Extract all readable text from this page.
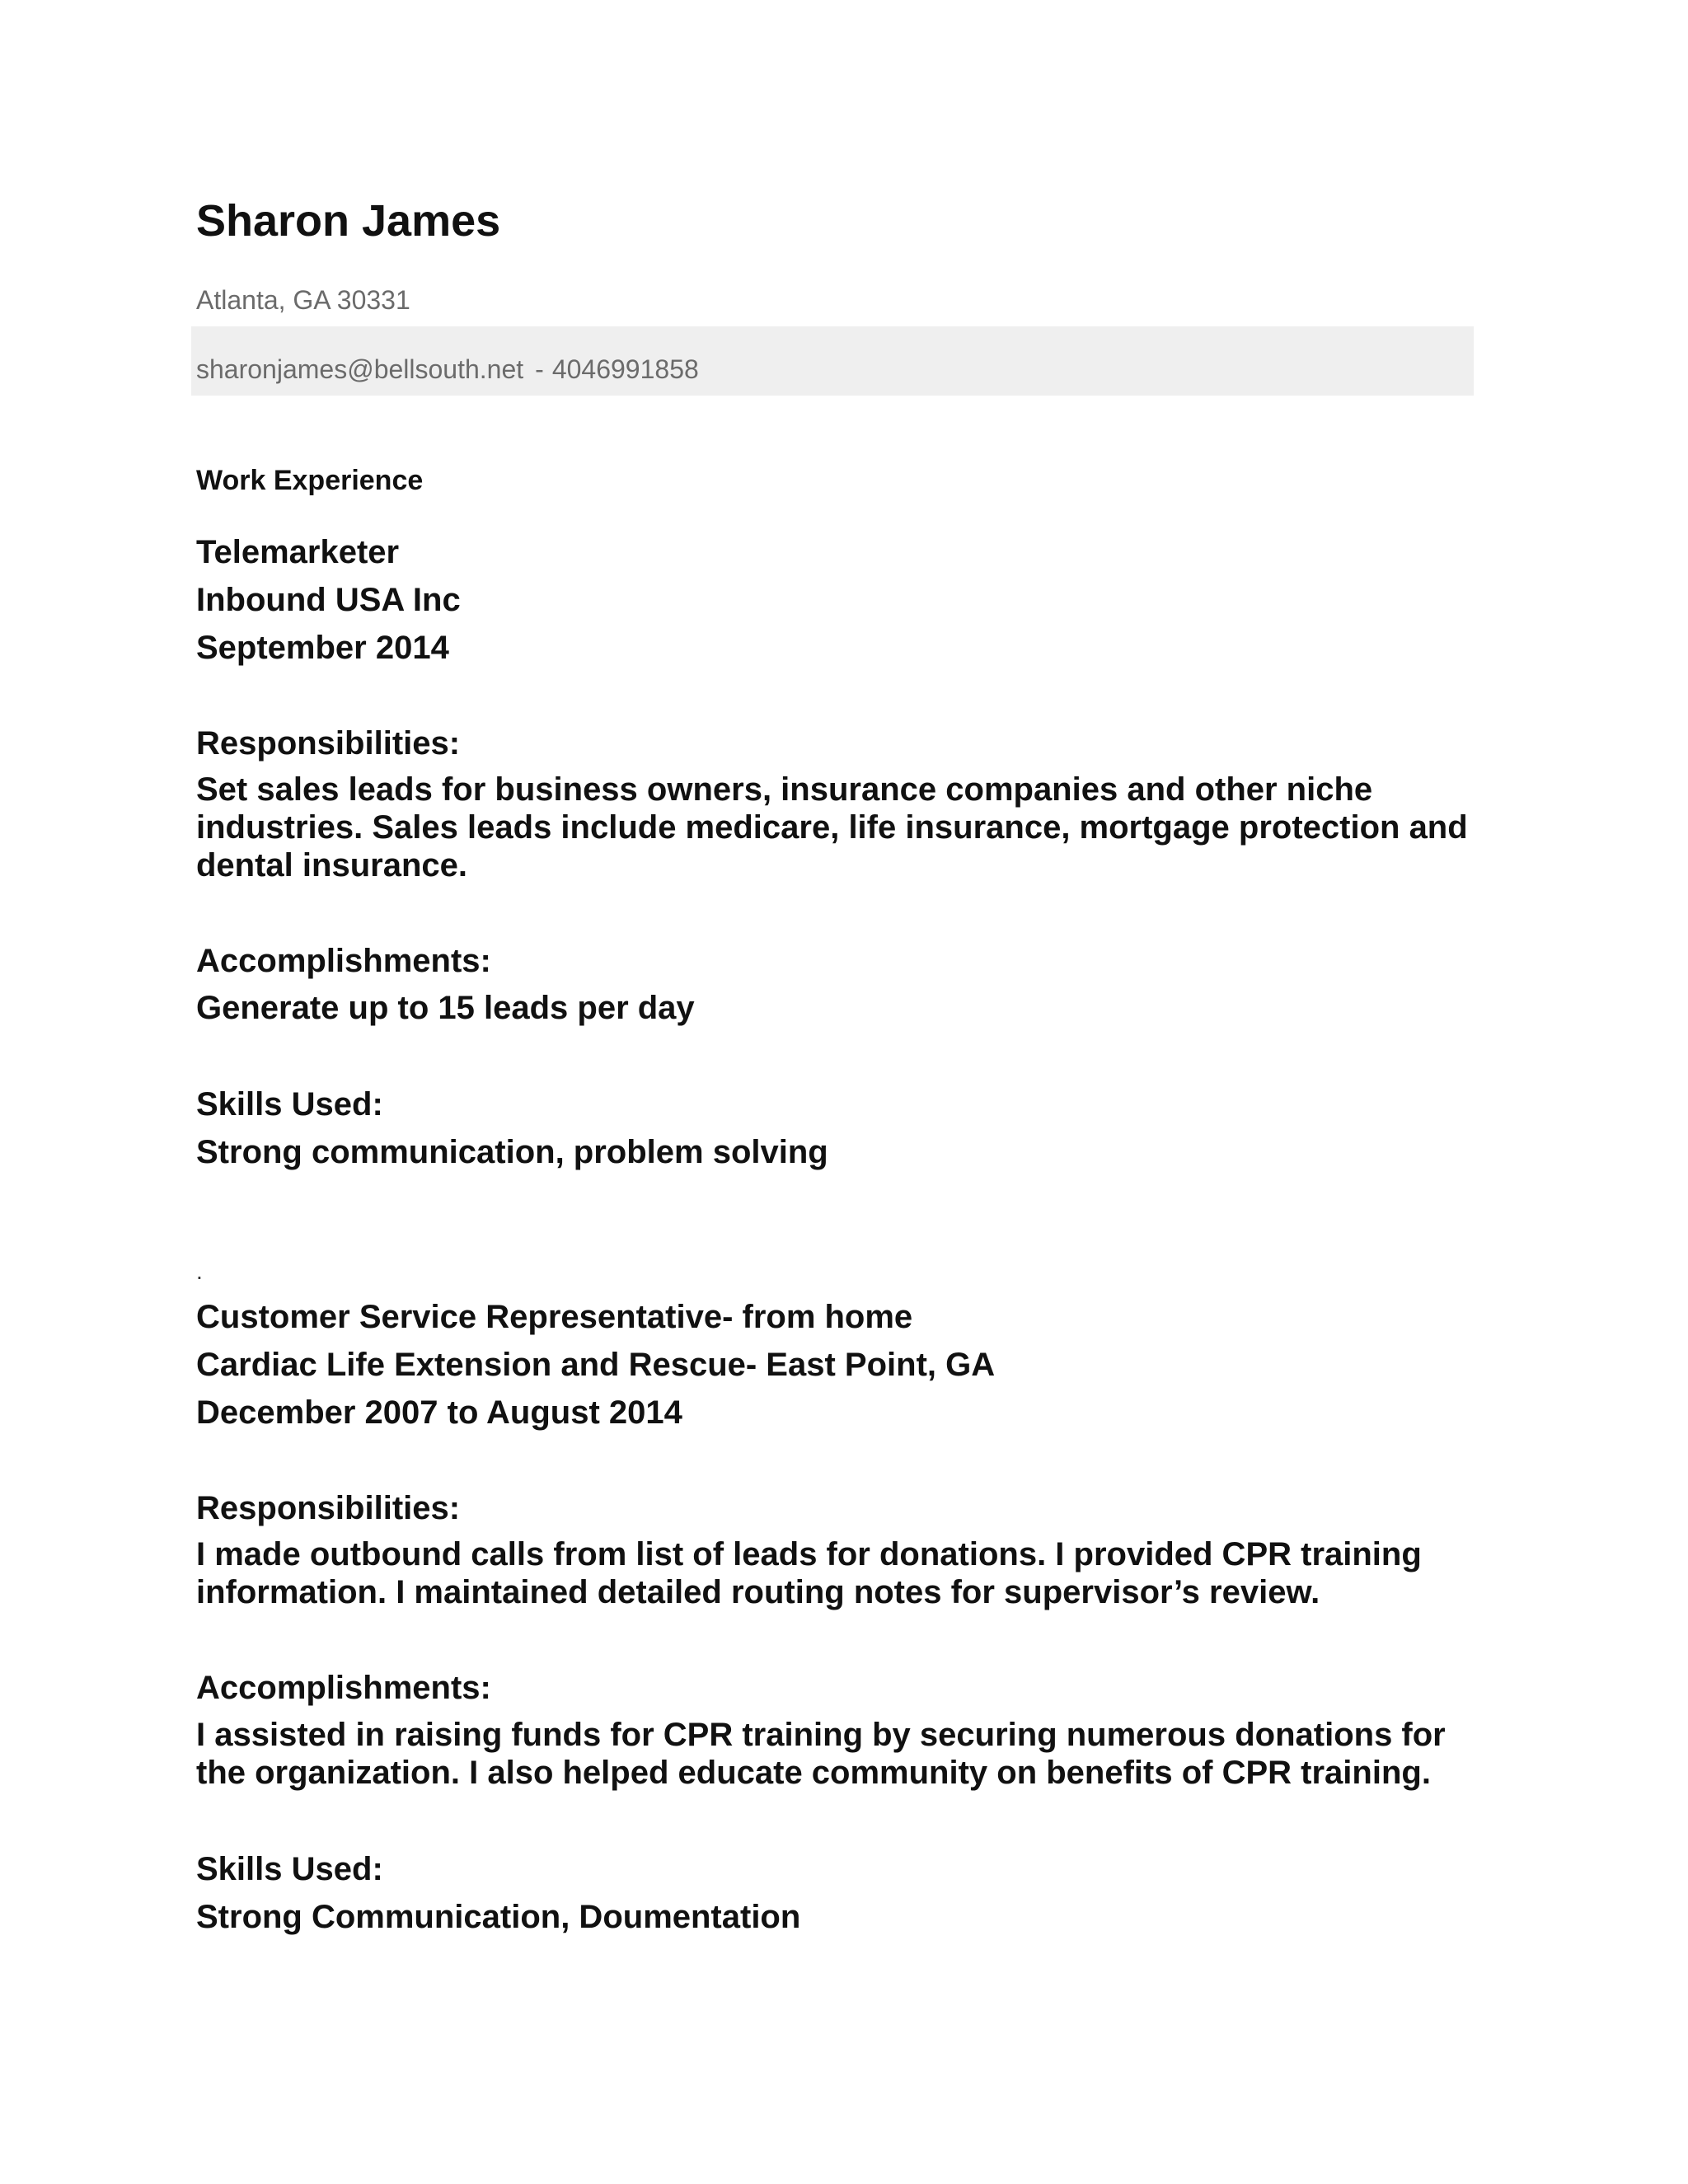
Sharon James
Atlanta, GA 30331
sharonjames@bellsouth.net - 4046991858
Work Experience
Telemarketer
Inbound USA Inc
September 2014
Responsibilities:
Set sales leads for business owners, insurance companies and other niche
industries. Sales leads include medicare, life insurance, mortgage protection and
dental insurance.
Accomplishments:
Generate up to 15 leads per day
Skills Used:
Strong communication, problem solving
.
Customer Service Representative- from home
Cardiac Life Extension and Rescue- East Point, GA
December 2007 to August 2014
Responsibilities:
I made outbound calls from list of leads for donations. I provided CPR training
information. I maintained detailed routing notes for supervisor’s review.
Accomplishments:
I assisted in raising funds for CPR training by securing numerous donations for
the organization. I also helped educate community on benefits of CPR training.
Skills Used:
Strong Communication, Doumentation
